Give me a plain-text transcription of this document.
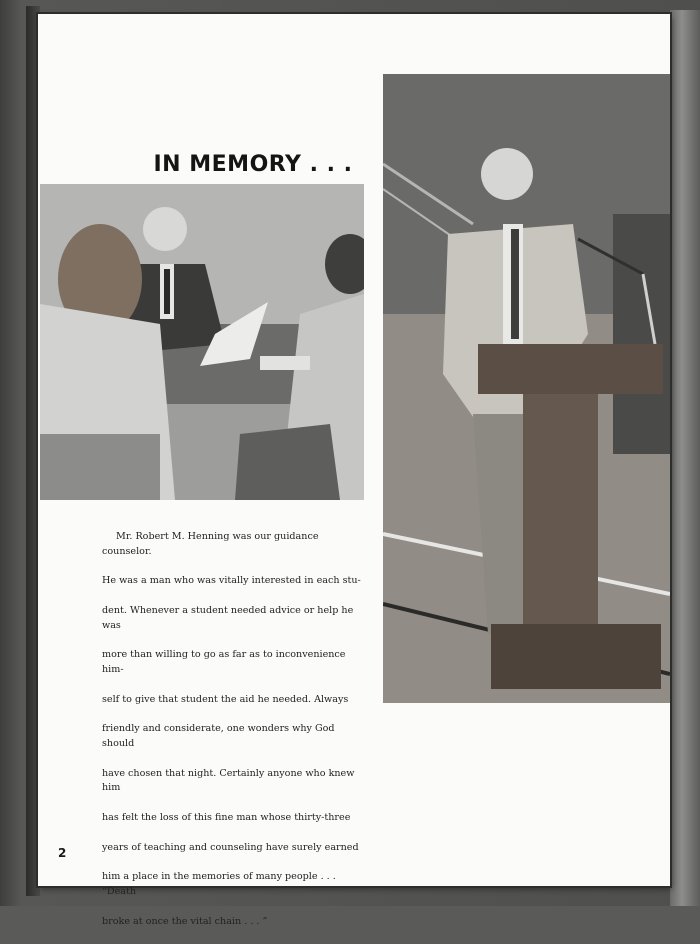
IN MEMORY . . .

Mr. Robert M. Henning was our guidance counselor.

He was a man who was vitally interested in each stu-

dent. Whenever a student needed advice or help he was

more than willing to go as far as to inconvenience him-

self to give that student the aid he needed. Always

friendly and considerate, one wonders why God should

have chosen that night. Certainly anyone who knew him

has felt the loss of this fine man whose thirty-three

years of teaching and counseling have surely earned

him a place in the memories of many people . . . “Death

broke at once the vital chain . . . ”

2
